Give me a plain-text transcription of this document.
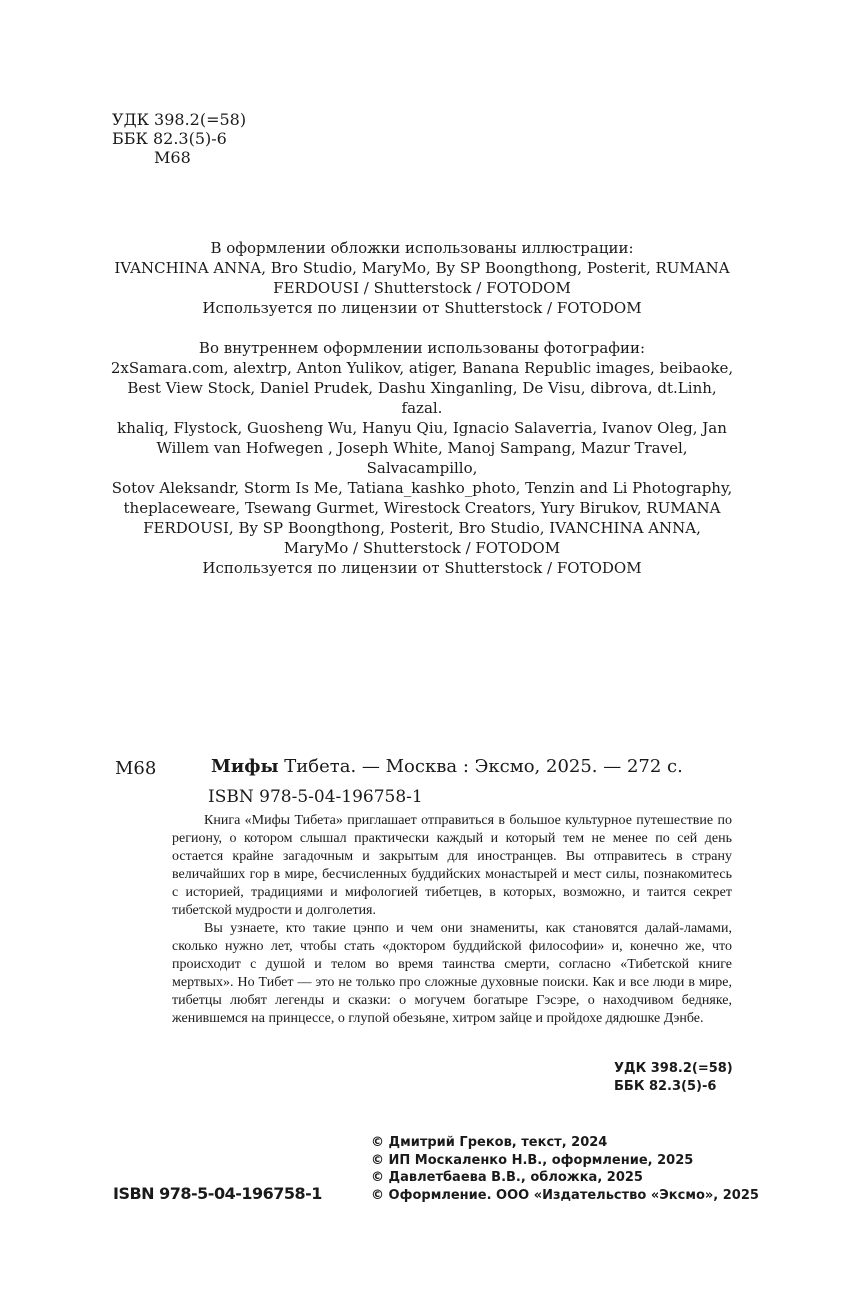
УДК 398.2(=58)
ББК 82.3(5)-6
М68

В оформлении обложки использованы иллюстрации:

IVANCHINA ANNA, Bro Studio, MaryMo, By SP Boongthong, Posterit, RUMANA

FERDOUSI / Shutterstock / FOTODOM

Используется по лицензии от Shutterstock / FOTODOM

Во внутреннем оформлении использованы фотографии:

2xSamara.com, alextrp, Anton Yulikov, atiger, Banana Republic images, beibaoke,

Best View Stock, Daniel Prudek, Dashu Xinganling, De Visu, dibrova, dt.Linh, fazal.

khaliq, Flystock, Guosheng Wu, Hanyu Qiu, Ignacio Salaverria, Ivanov Oleg, Jan

Willem van Hofwegen , Joseph White, Manoj Sampang, Mazur Travel, Salvacampillo,

Sotov Aleksandr, Storm Is Me, Tatiana_kashko_photo, Tenzin and Li Photography,

theplaceweare, Tsewang Gurmet, Wirestock Creators, Yury Birukov, RUMANA

FERDOUSI, By SP Boongthong, Posterit, Bro Studio, IVANCHINA ANNA,

MaryMo / Shutterstock / FOTODOM

Используется по лицензии от Shutterstock / FOTODOM

М68	Мифы Тибета. — Москва : Эксмо, 2025. — 272 с.
ISBN 978-5-04-196758-1

Книга «Мифы Тибета» приглашает отправиться в большое культурное путешествие по региону, о котором слышал практически каждый и который тем не менее по сей день остается крайне загадочным и закрытым для иностранцев. Вы отправитесь в страну величайших гор в мире, бесчисленных буддийских монастырей и мест силы, познакомитесь с историей, традициями и мифологией тибетцев, в которых, возможно, и таится секрет тибетской мудрости и долголетия.

Вы узнаете, кто такие цэнпо и чем они знамениты, как становятся далай-ламами, сколько нужно лет, чтобы стать «доктором буддийской философии» и, конечно же, что происходит с душой и телом во время таинства смерти, согласно «Тибетской книге мертвых». Но Тибет — это не только про сложные духовные поиски. Как и все люди в мире, тибетцы любят легенды и сказки: о могучем богатыре Гэсэре, о находчивом бедняке, женившемся на принцессе, о глупой обезьяне, хитром зайце и пройдохе дядюшке Дэнбе.

УДК 398.2(=58)
ББК 82.3(5)-6
© Дмитрий Греков, текст, 2024
© ИП Москаленко Н.В., оформление, 2025
© Давлетбаева В.В., обложка, 2025
© Оформление. ООО «Издательство «Эксмо», 2025
ISBN 978-5-04-196758-1
